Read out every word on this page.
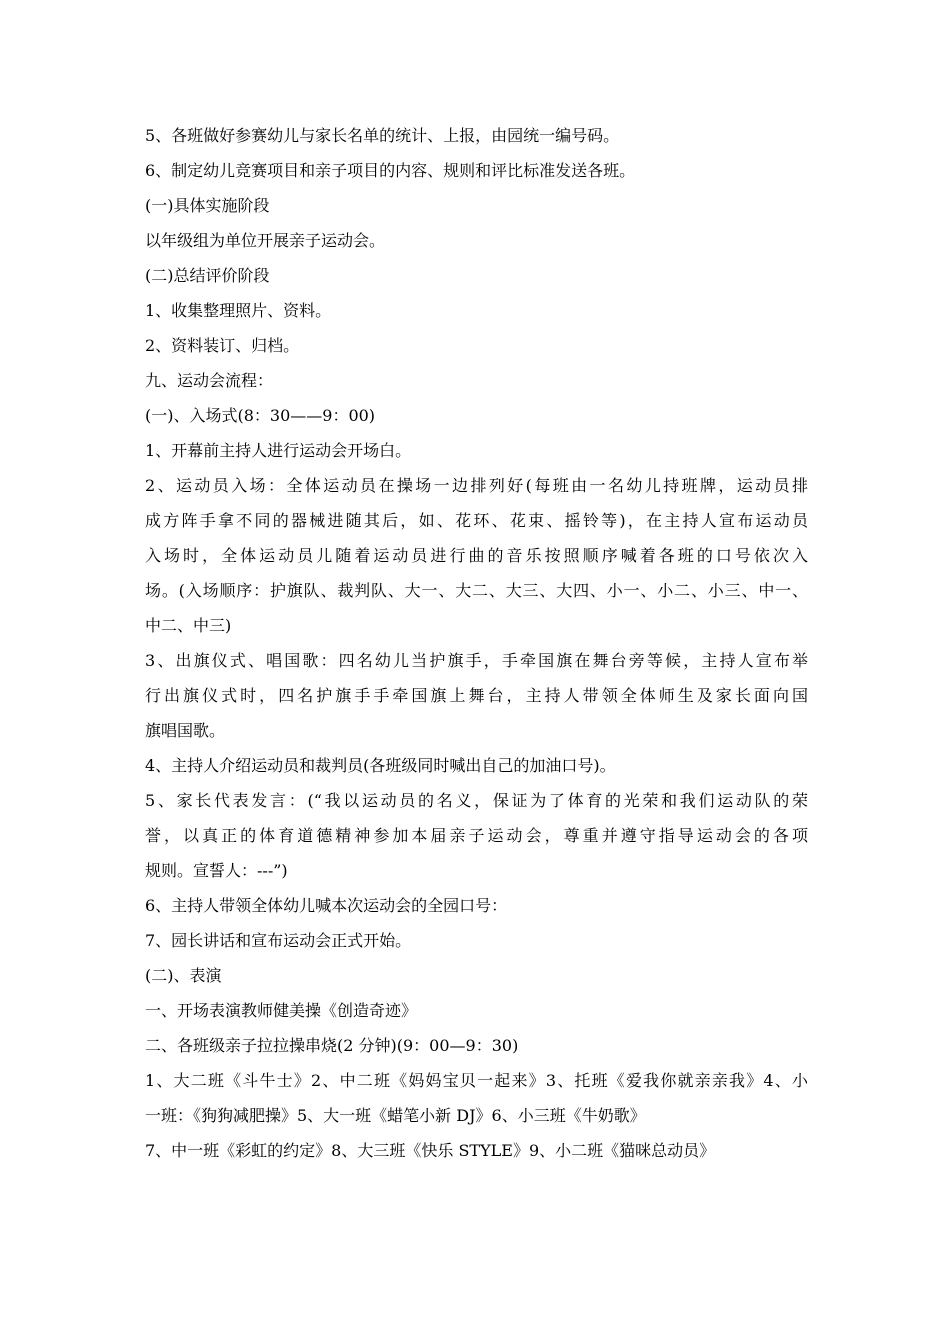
5、各班做好参赛幼儿与家长名单的统计、上报，由园统一编号码。
6、制定幼儿竞赛项目和亲子项目的内容、规则和评比标准发送各班。
(一)具体实施阶段
以年级组为单位开展亲子运动会。
(二)总结评价阶段
1、收集整理照片、资料。
2、资料装订、归档。
九、运动会流程：
(一)、入场式(8：30——9：00)
1、开幕前主持人进行运动会开场白。
2、运动员入场：全体运动员在操场一边排列好(每班由一名幼儿持班牌，运动员排
成方阵手拿不同的器械进随其后，如、花环、花束、摇铃等)，在主持人宣布运动员
入场时，全体运动员儿随着运动员进行曲的音乐按照顺序喊着各班的口号依次入
场。(入场顺序：护旗队、裁判队、大一、大二、大三、大四、小一、小二、小三、中一、
中二、中三)
3、出旗仪式、唱国歌：四名幼儿当护旗手，手牵国旗在舞台旁等候，主持人宣布举
行出旗仪式时，四名护旗手手牵国旗上舞台，主持人带领全体师生及家长面向国
旗唱国歌。
4、主持人介绍运动员和裁判员(各班级同时喊出自己的加油口号)。
5、家长代表发言：(“我以运动员的名义，保证为了体育的光荣和我们运动队的荣
誉，以真正的体育道德精神参加本届亲子运动会，尊重并遵守指导运动会的各项
规则。宣誓人：---”)
6、主持人带领全体幼儿喊本次运动会的全园口号：
7、园长讲话和宣布运动会正式开始。
(二)、表演
一、开场表演教师健美操《创造奇迹》
二、各班级亲子拉拉操串烧(2 分钟)(9：00—9：30)
1、大二班《斗牛士》2、中二班《妈妈宝贝一起来》3、托班《爱我你就亲亲我》4、小
一班：《狗狗减肥操》5、大一班《蜡笔小新 DJ》6、小三班《牛奶歌》
7、中一班《彩虹的约定》8、大三班《快乐 STYLE》9、小二班《猫咪总动员》
